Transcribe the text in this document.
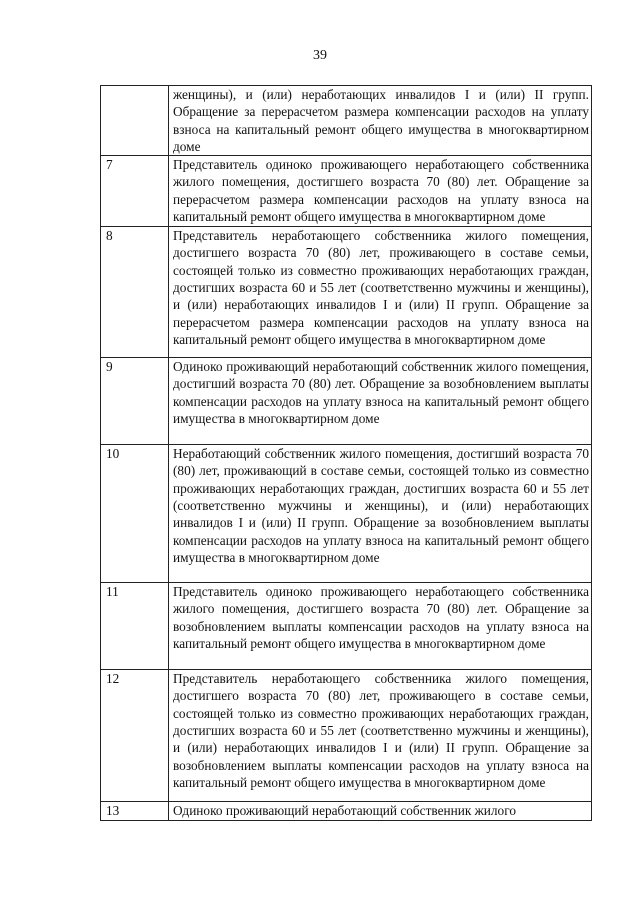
39
	женщины), и (или) неработающих инвалидов I и (или) II групп. Обращение за перерасчетом размера компенсации расходов на уплату взноса на капитальный ремонт общего имущества в многоквартирном доме
7	Представитель одиноко проживающего неработающего собственника жилого помещения, достигшего возраста 70 (80) лет. Обращение за перерасчетом размера компенсации расходов на уплату взноса на капитальный ремонт общего имущества в многоквартирном доме
8	Представитель неработающего собственника жилого помещения, достигшего возраста 70 (80) лет, проживающего в составе семьи, состоящей только из совместно проживающих неработающих граждан, достигших возраста 60 и 55 лет (соответственно мужчины и женщины), и (или) неработающих инвалидов I и (или) II групп. Обращение за перерасчетом размера компенсации расходов на уплату взноса на капитальный ремонт общего имущества в многоквартирном доме
9	Одиноко проживающий неработающий собственник жилого помещения, достигший возраста 70 (80) лет. Обращение за возобновлением выплаты компенсации расходов на уплату взноса на капитальный ремонт общего имущества в многоквартирном доме
10	Неработающий собственник жилого помещения, достигший возраста 70 (80) лет, проживающий в составе семьи, состоящей только из совместно проживающих неработающих граждан, достигших возраста 60 и 55 лет (соответственно мужчины и женщины), и (или) неработающих инвалидов I и (или) II групп. Обращение за возобновлением выплаты компенсации расходов на уплату взноса на капитальный ремонт общего имущества в многоквартирном доме
11	Представитель одиноко проживающего неработающего собственника жилого помещения, достигшего возраста 70 (80) лет. Обращение за возобновлением выплаты компенсации расходов на уплату взноса на капитальный ремонт общего имущества в многоквартирном доме
12	Представитель неработающего собственника жилого помещения, достигшего возраста 70 (80) лет, проживающего в составе семьи, состоящей только из совместно проживающих неработающих граждан, достигших возраста 60 и 55 лет (соответственно мужчины и женщины), и (или) неработающих инвалидов I и (или) II групп. Обращение за возобновлением выплаты компенсации расходов на уплату взноса на капитальный ремонт общего имущества в многоквартирном доме
13	Одиноко проживающий неработающий собственник жилого
